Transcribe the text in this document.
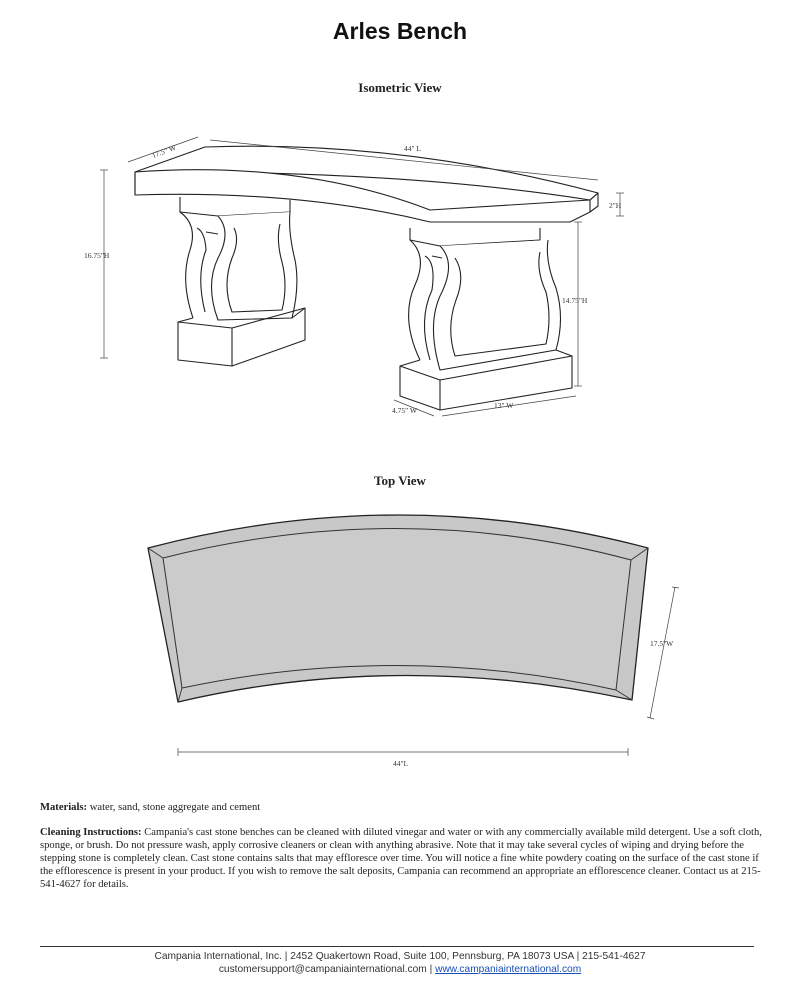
Arles Bench
Isometric View
17.5" W	44" L
16.75"H
2"H
14.75"H
13" W
4.75" W
Top View
17.5"W
44"L
Materials: water, sand, stone aggregate and cement
Cleaning Instructions: Campania's cast stone benches can be cleaned with diluted vinegar and water or with any commercially available mild detergent. Use a soft cloth, sponge, or brush. Do not pressure wash, apply corrosive cleaners or clean with anything abrasive. Note that it may take several cycles of wiping and drying before the stepping stone is completely clean. Cast stone contains salts that may effloresce over time. You will notice a fine white powdery coating on the surface of the cast stone if the efflorescence is present in your product. If you wish to remove the salt deposits, Campania can recommend an appropriate an efflorescence cleaner. Contact us at 215-541-4627 for details.
Campania International, Inc. | 2452 Quakertown Road, Suite 100, Pennsburg, PA 18073 USA | 215-541-4627
customersupport@campaniainternational.com | www.campaniainternational.com
